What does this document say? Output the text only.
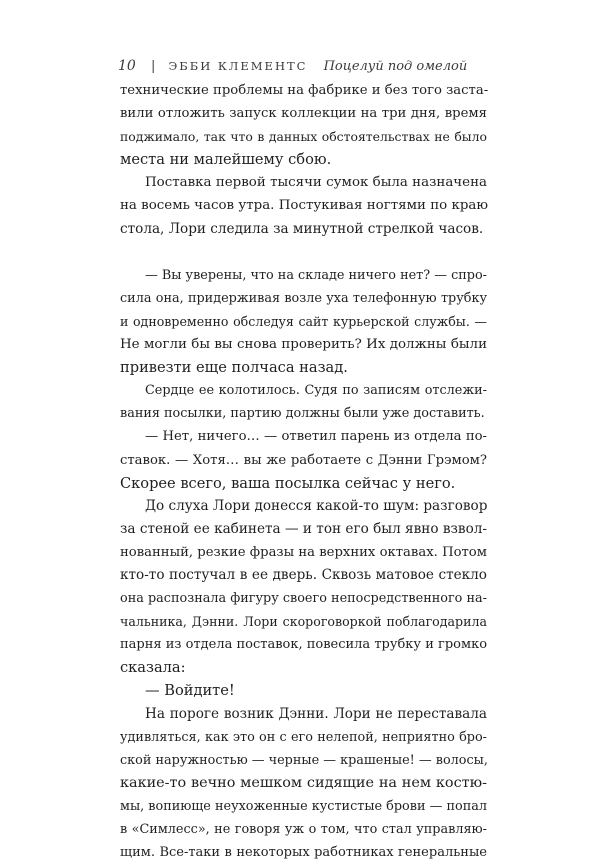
10 | ЭББИ КЛЕМЕНТС Поцелуй под омелой
технические проблемы на фабрике и без того заста-
вили отложить запуск коллекции на три дня, время
поджимало, так что в данных обстоятельствах не было
места ни малейшему сбою.
Поставка первой тысячи сумок была назначена
на восемь часов утра. Постукивая ногтями по краю
стола, Лори следила за минутной стрелкой часов.
— Вы уверены, что на складе ничего нет? — спро-
сила она, придерживая возле уха телефонную трубку
и одновременно обследуя сайт курьерской службы. —
Не могли бы вы снова проверить? Их должны были
привезти еще полчаса назад.
Сердце ее колотилось. Судя по записям отслежи-
вания посылки, партию должны были уже доставить.
— Нет, ничего… — ответил парень из отдела по-
ставок. — Хотя… вы же работаете с Дэнни Грэмом?
Скорее всего, ваша посылка сейчас у него.
До слуха Лори донесся какой-то шум: разговор
за стеной ее кабинета — и тон его был явно взвол-
нованный, резкие фразы на верхних октавах. Потом
кто-то постучал в ее дверь. Сквозь матовое стекло
она распознала фигуру своего непосредственного на-
чальника, Дэнни. Лори скороговоркой поблагодарила
парня из отдела поставок, повесила трубку и громко
сказала:
— Войдите!
На пороге возник Дэнни. Лори не переставала
удивляться, как это он с его нелепой, неприятно бро-
ской наружностью — черные — крашеные! — волосы,
какие-то вечно мешком сидящие на нем костю-
мы, вопиюще неухоженные кустистые брови — попал
в «Симлесс», не говоря уж о том, что стал управляю-
щим. Все-таки в некоторых работниках генеральные
